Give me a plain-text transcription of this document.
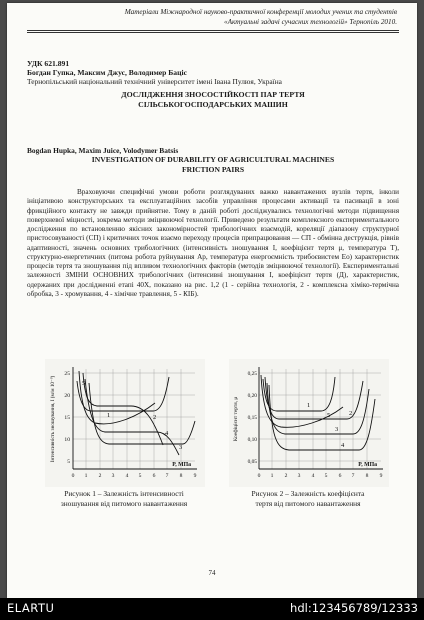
Матеріали Міжнародної науково-практичної конференції молодих учених та студентів
«Актуальні задачі сучасних технологій» Тернопіль 2010.
УДК 621.891
Богдан Гупка, Максим Джус, Володимер Баціс
Тернопільський національний технічний університет імені Івана Пулюя, Україна
ДОСЛІДЖЕННЯ ЗНОСОСТІЙКОСТІ ПАР ТЕРТЯ
СІЛЬСЬКОГОСПОДАРСЬКИХ МАШИН
Bogdan Hupka, Maxim Juice, Volodymer Batsis
INVESTIGATION OF DURABILITY OF AGRICULTURAL MACHINES
FRICTION PAIRS

Враховуючи специфічні умови роботи розглядуваних важко навантажених вузлів тертя, інколи ініціативою конструкторських та експлуатаційних засобів управління процесами активації та пасивації в зоні фрикційного контакту не завжди прийнятне. Тому в даній роботі досліджувались технологічні методи підвищення поверхневої міцності, зокрема методи зміцнюючої технології. Приведено результати комплексного експериментального дослідження по встановленню якісних закономірностей трибологічних взаємодій, кореляції діапазону структурної пристосовуваності (СП) і критичних точок взаємо переходу процесів припрацювання — СП - обмінна деструкція, рівнів адаптивності, значень основних трибологічних (інтенсивність зношування І, коефіцієнт тертя μ, температура Т), структурно-енергетичних (питома робота руйнування Ар, температура енергоємність трибоєвистем Ео) характеристик процесів тертя та зношування під впливом технологічних факторів (методів зміцнюючої технології). Експериментальні залежності ЗМІНИ ОСНОВНИХ трибологічних (інтенсивні зношування І, коефіцієнт тертя (Д), характеристик, одержаних при дослідженні етапі 40Х, показано на рис. 1,2 (1 - серійна технологія, 2 - комплексна хіміко-термічна обробка, 3 - хромування, 4 - хімічне травлення, 5 - КІБ).

5
1	2
4
3
25
20
15
10
5
0 1 2 3 4 5 6 7 8 9
P, MПа
Інтенсивність зношування, І (м/м 10⁻⁹)	1
2
3
4
5
0,25
0,20
0,15
0,10
0,05
0 1 2 3 4 5 6 7 8 9
P, MПа
Коефіцієнт тертя, μ
Рисунок 1 – Залежність інтенсивності
зношування від питомого навантаження
Рисунок 2 – Залежність коефіцієнта
тертя від питомого навантаження
74
ELARTU	hdl:123456789/12333
